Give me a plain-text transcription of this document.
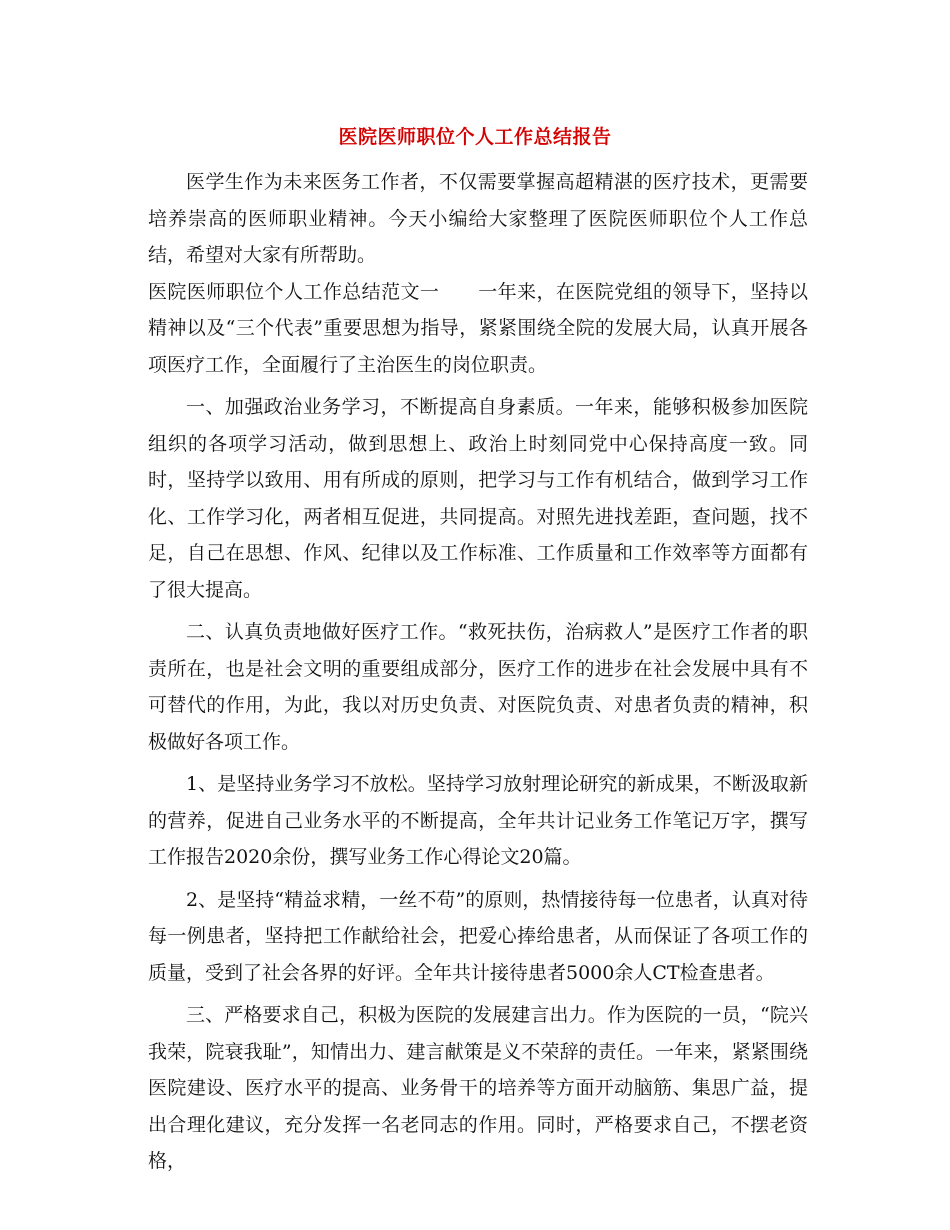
医院医师职位个人工作总结报告

医学生作为未来医务工作者，不仅需要掌握高超精湛的医疗技术，更需要培养崇高的医师职业精神。今天小编给大家整理了医院医师职位个人工作总结，希望对大家有所帮助。

医院医师职位个人工作总结范文一　　一年来，在医院党组的领导下，坚持以精神以及“三个代表”重要思想为指导，紧紧围绕全院的发展大局，认真开展各项医疗工作，全面履行了主治医生的岗位职责。

一、加强政治业务学习，不断提高自身素质。一年来，能够积极参加医院组织的各项学习活动，做到思想上、政治上时刻同党中心保持高度一致。同时，坚持学以致用、用有所成的原则，把学习与工作有机结合，做到学习工作化、工作学习化，两者相互促进，共同提高。对照先进找差距，查问题，找不足，自己在思想、作风、纪律以及工作标准、工作质量和工作效率等方面都有了很大提高。

二、认真负责地做好医疗工作。“救死扶伤，治病救人”是医疗工作者的职责所在，也是社会文明的重要组成部分，医疗工作的进步在社会发展中具有不可替代的作用，为此，我以对历史负责、对医院负责、对患者负责的精神，积极做好各项工作。

1、是坚持业务学习不放松。坚持学习放射理论研究的新成果，不断汲取新的营养，促进自己业务水平的不断提高，全年共计记业务工作笔记万字，撰写工作报告2020余份，撰写业务工作心得论文20篇。

2、是坚持“精益求精，一丝不苟”的原则，热情接待每一位患者，认真对待每一例患者，坚持把工作献给社会，把爱心捧给患者，从而保证了各项工作的质量，受到了社会各界的好评。全年共计接待患者5000余人CT检查患者。

三、严格要求自己，积极为医院的发展建言出力。作为医院的一员，“院兴我荣，院衰我耻”，知情出力、建言献策是义不荣辞的责任。一年来，紧紧围绕医院建设、医疗水平的提高、业务骨干的培养等方面开动脑筋、集思广益，提出合理化建议，充分发挥一名老同志的作用。同时，严格要求自己，不摆老资格，
